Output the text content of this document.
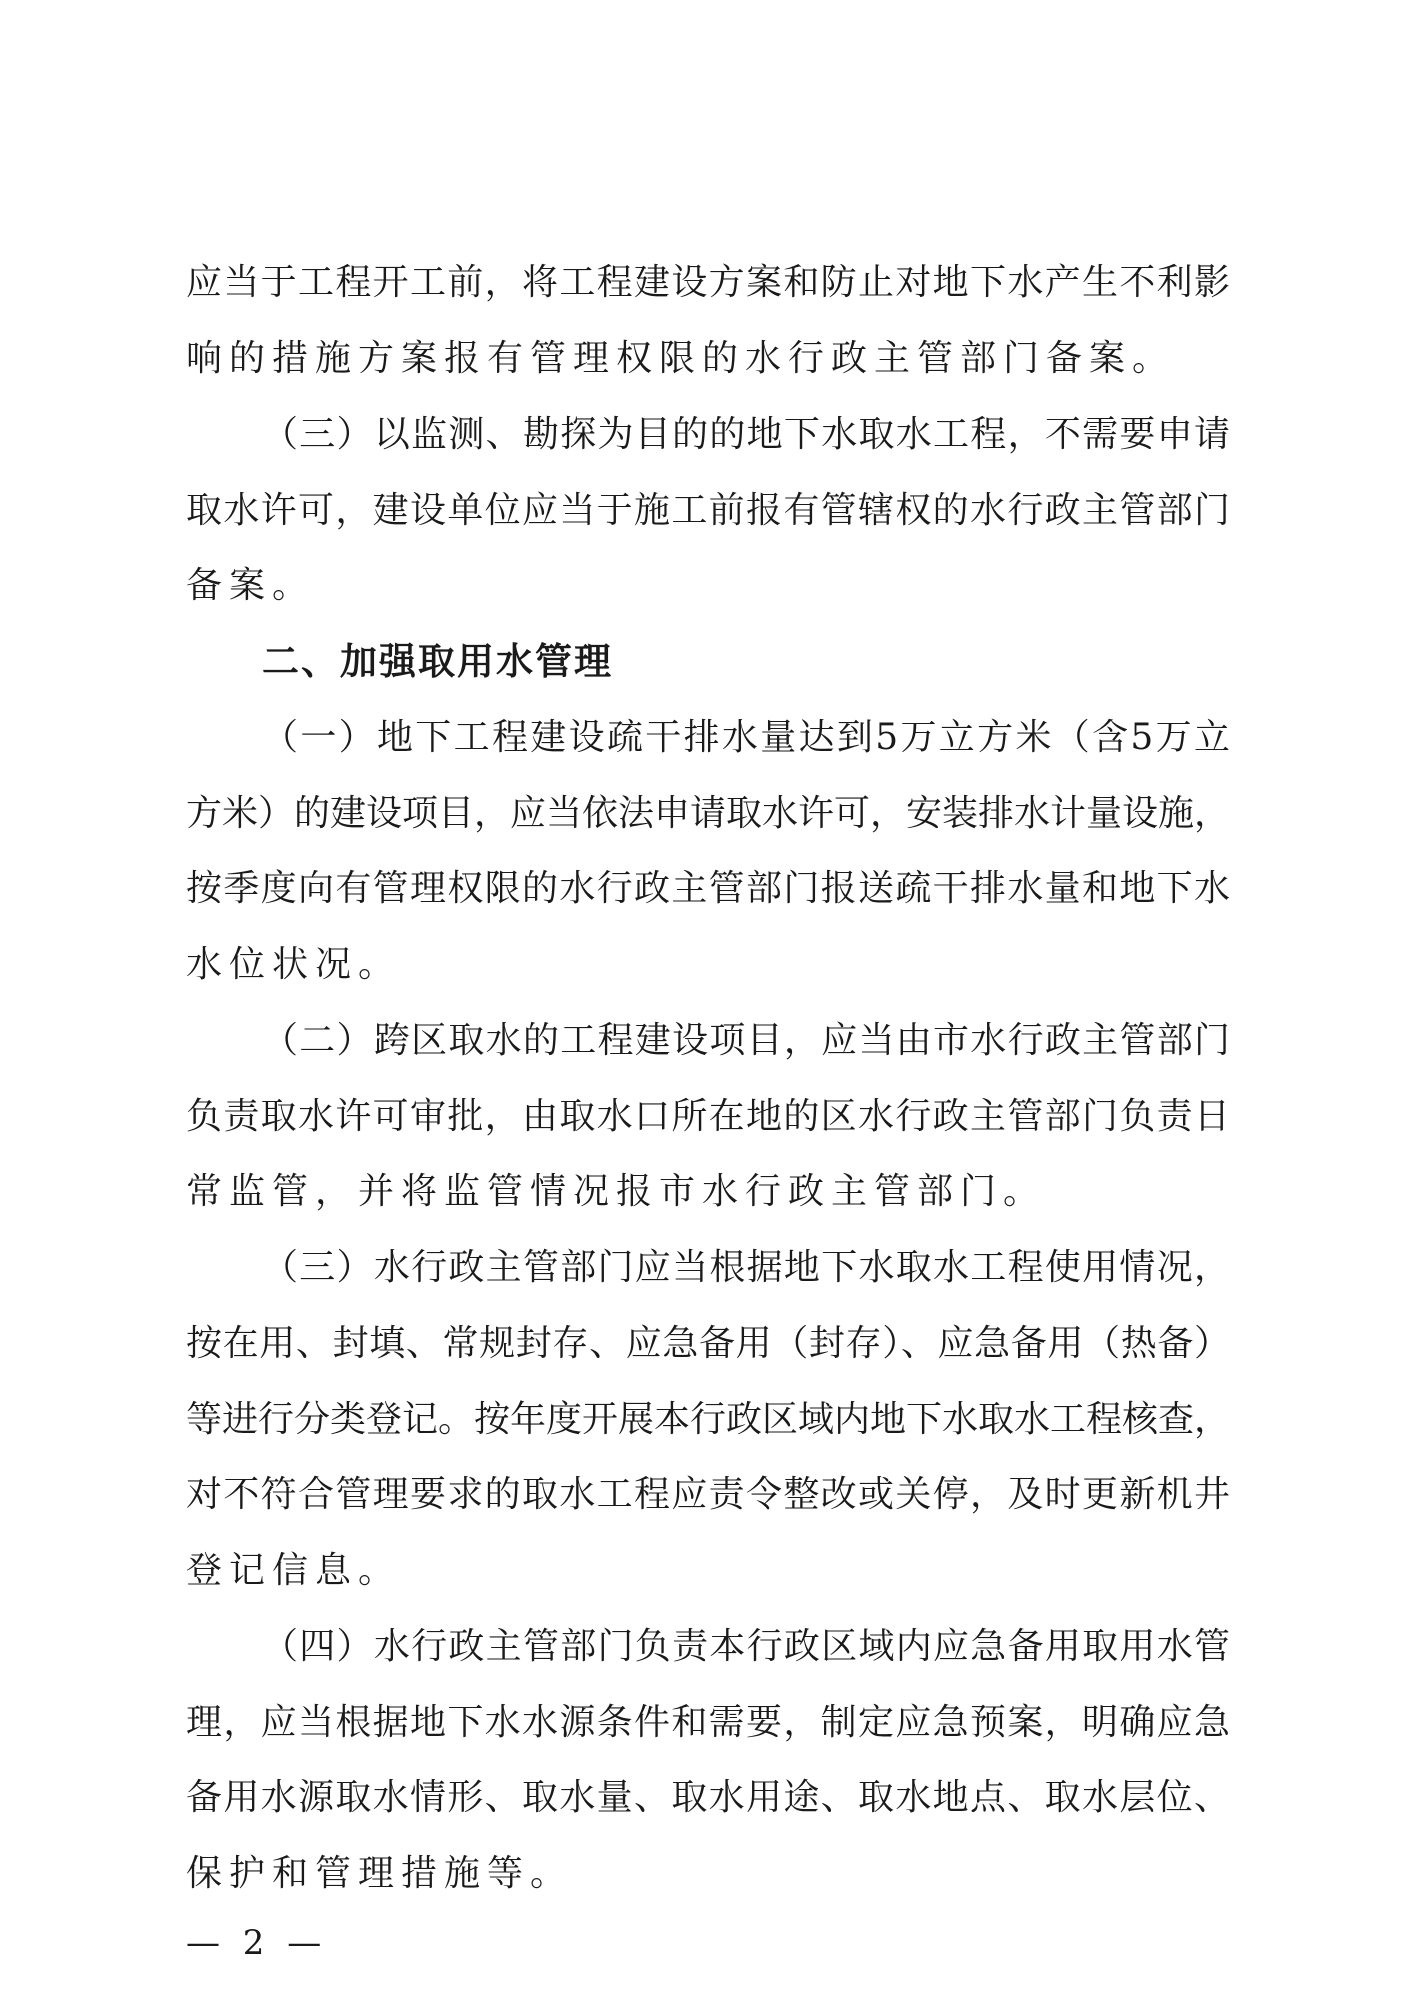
应当于工程开工前，将工程建设方案和防止对地下水产生不利影
响的措施方案报有管理权限的水行政主管部门备案。
（三）以监测、勘探为目的的地下水取水工程，不需要申请
取水许可，建设单位应当于施工前报有管辖权的水行政主管部门
备案。
二、加强取用水管理
（一）地下工程建设疏干排水量达到5万立方米（含5万立
方米）的建设项目，应当依法申请取水许可，安装排水计量设施，
按季度向有管理权限的水行政主管部门报送疏干排水量和地下水
水位状况。
（二）跨区取水的工程建设项目，应当由市水行政主管部门
负责取水许可审批，由取水口所在地的区水行政主管部门负责日
常监管，并将监管情况报市水行政主管部门。
（三）水行政主管部门应当根据地下水取水工程使用情况，
按在用、封填、常规封存、应急备用（封存）、应急备用（热备）
等进行分类登记。按年度开展本行政区域内地下水取水工程核查，
对不符合管理要求的取水工程应责令整改或关停，及时更新机井
登记信息。
（四）水行政主管部门负责本行政区域内应急备用取用水管
理，应当根据地下水水源条件和需要，制定应急预案，明确应急
备用水源取水情形、取水量、取水用途、取水地点、取水层位、
保护和管理措施等。
— 2 —
